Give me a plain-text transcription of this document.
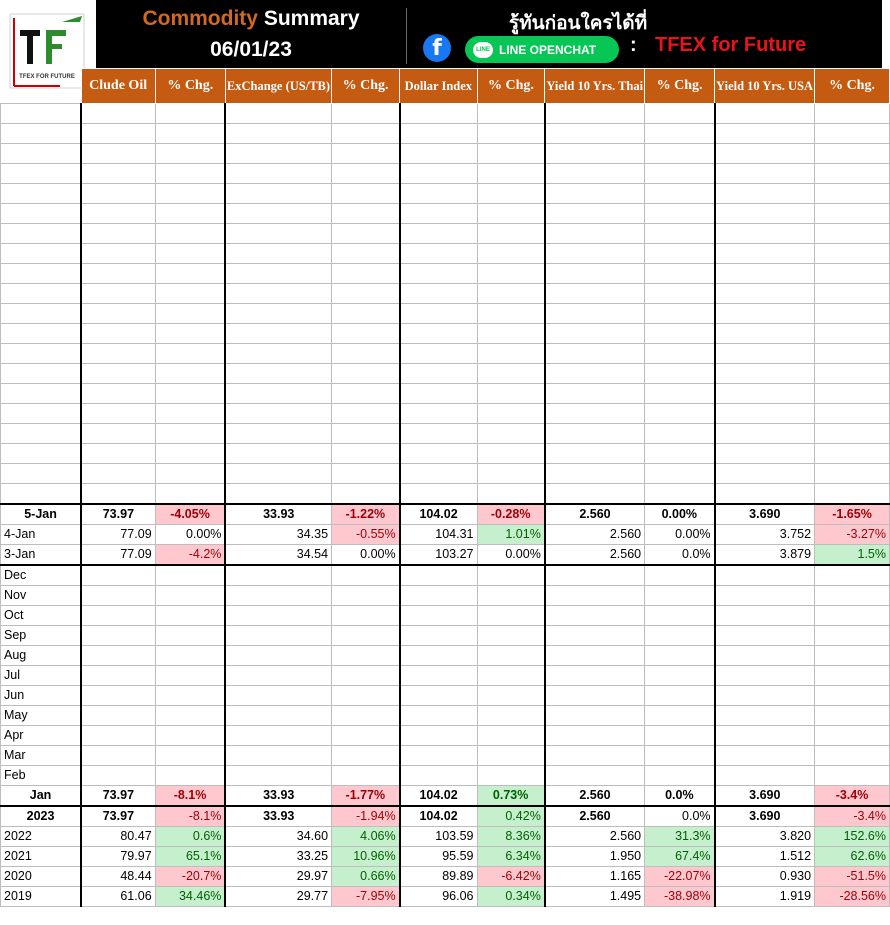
TFEX FOR FUTURE
Commodity Summary
06/01/23
รู้ทันก่อนใครได้ที่
f	LINE LINE OPENCHAT : TFEX for Future
	Clude Oil	% Chg.	ExChange (US/TB)	% Chg.	Dollar Index	% Chg.	Yield 10 Yrs. Thai	% Chg.	Yield 10 Yrs. USA	% Chg.

5-Jan	73.97	-4.05%	33.93	-1.22%	104.02	-0.28%	2.560	0.00%	3.690	-1.65%
4-Jan	77.09	0.00%	34.35	-0.55%	104.31	1.01%	2.560	0.00%	3.752	-3.27%
3-Jan	77.09	-4.2%	34.54	0.00%	103.27	0.00%	2.560	0.0%	3.879	1.5%
Dec										
Nov										
Oct										
Sep										
Aug										
Jul										
Jun										
May										
Apr										
Mar										
Feb										
Jan	73.97	-8.1%	33.93	-1.77%	104.02	0.73%	2.560	0.0%	3.690	-3.4%
2023	73.97	-8.1%	33.93	-1.94%	104.02	0.42%	2.560	0.0%	3.690	-3.4%
2022	80.47	0.6%	34.60	4.06%	103.59	8.36%	2.560	31.3%	3.820	152.6%
2021	79.97	65.1%	33.25	10.96%	95.59	6.34%	1.950	67.4%	1.512	62.6%
2020	48.44	-20.7%	29.97	0.66%	89.89	-6.42%	1.165	-22.07%	0.930	-51.5%
2019	61.06	34.46%	29.77	-7.95%	96.06	0.34%	1.495	-38.98%	1.919	-28.56%
